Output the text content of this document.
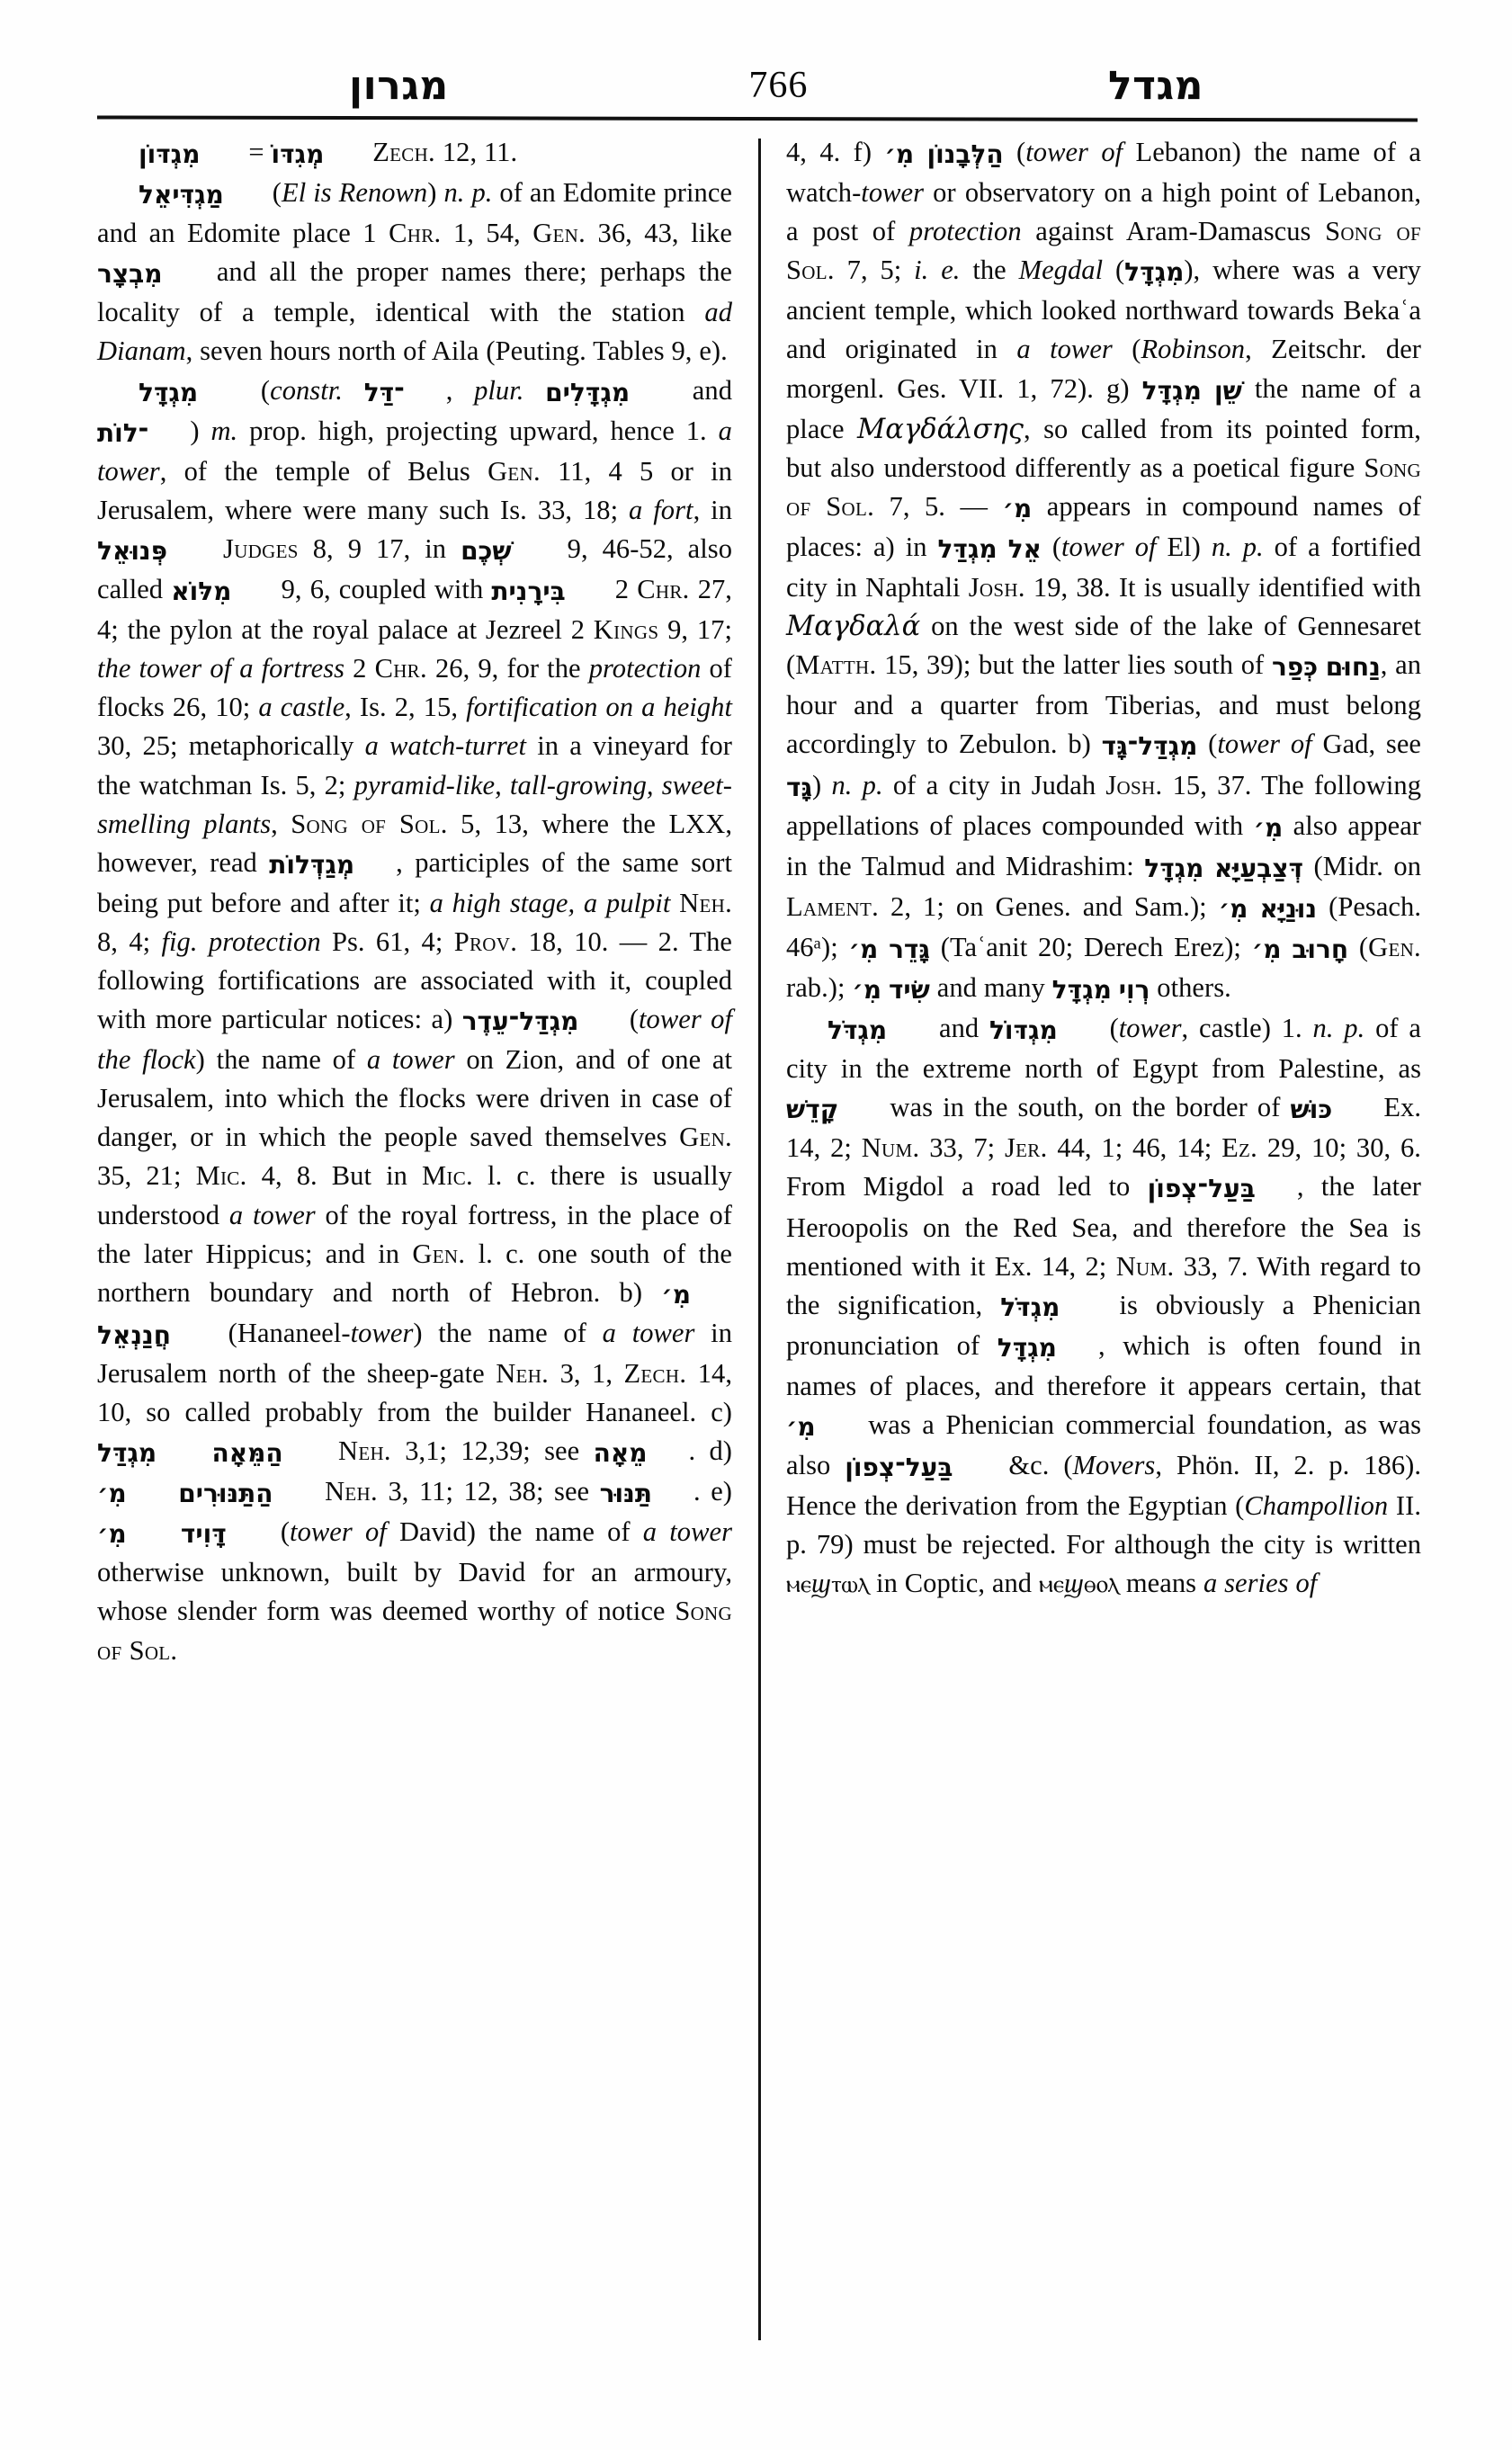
מגרון	766	מגדל

מִגְדּוֹן = מְגִדּוֹ Zech. 12, 11.

מַגְדִּיאֵל (El is Renown) n. p. of an Edomite prince and an Edomite place 1 Chr. 1, 54, Gen. 36, 43, like מִבְצָר and all the proper names there; perhaps the locality of a temple, identical with the station ad Dianam, seven hours north of Aila (Peuting. Tables 9, e).

מִגְדָּל (constr. ־דַּל , plur. מִגְדָּלִים and ־לוֹת ) m. prop. high, projecting upward, hence 1. a tower, of the temple of Belus Gen. 11, 4 5 or in Jerusalem, where were many such Is. 33, 18; a fort, in פְּנוּאֵל Judges 8, 9 17, in שְׁכֶם 9, 46-52, also called מִלּוֹא 9, 6, coupled with בִּירָנִית 2 Chr. 27, 4; the pylon at the royal palace at Jezreel 2 Kings 9, 17; the tower of a fortress 2 Chr. 26, 9, for the protection of flocks 26, 10; a castle, Is. 2, 15, fortification on a height 30, 25; metaphorically a watch-turret in a vineyard for the watchman Is. 5, 2; pyramid-like, tall-growing, sweet-smelling plants, Song of Sol. 5, 13, where the LXX, however, read מְגַדְּלוֹת , participles of the same sort being put before and after it; a high stage, a pulpit Neh. 8, 4; fig. protection Ps. 61, 4; Prov. 18, 10. — 2. The following fortifications are associated with it, coupled with more particular notices: a) מִגְדַּל־עֵדֶר (tower of the flock) the name of a tower on Zion, and of one at Jerusalem, into which the flocks were driven in case of danger, or in which the people saved themselves Gen. 35, 21; Mic. 4, 8. But in Mic. l. c. there is usually understood a tower of the royal fortress, in the place of the later Hippicus; and in Gen. l. c. one south of the northern boundary and north of Hebron. b) מִ׳ חֲנַנְאֵל (Hananeel-tower) the name of a tower in Jerusalem north of the sheep-gate Neh. 3, 1, Zech. 14, 10, so called probably from the builder Hananeel. c) מִגְדַּל הַמֵּאָה Neh. 3,1; 12,39; see מֵאָה . d) מִ׳ הַתַּנּוּרִים Neh. 3, 11; 12, 38; see תַּנּוּר . e) מִ׳ דָּוִיד (tower of David) the name of a tower otherwise unknown, built by David for an armoury, whose slender form was deemed worthy of notice Song of Sol.

4, 4. f) מִ׳ הַלְּבָנוֹן (tower of Lebanon) the name of a watch-tower or observatory on a high point of Lebanon, a post of protection against Aram-Damascus Song of Sol. 7, 5; i. e. the Megdal (מִגְדָּל), where was a very ancient temple, which looked northward towards Bekaʿa and originated in a tower (Robinson, Zeitschr. der morgenl. Ges. VII. 1, 72). g) מִגְדָּל שֵׁן the name of a place Μαγδάλσης, so called from its pointed form, but also understood differently as a poetical figure Song of Sol. 7, 5. — מִ׳ appears in compound names of places: a) in מִגְדַּל אֵל (tower of El) n. p. of a fortified city in Naphtali Josh. 19, 38. It is usually identified with Μαγδαλά on the west side of the lake of Gennesaret (Matth. 15, 39); but the latter lies south of כְּפַר נַחוּם, an hour and a quarter from Tiberias, and must belong accordingly to Zebulon. b) מִגְדַּל־גָּד (tower of Gad, see גָּד) n. p. of a city in Judah Josh. 15, 37. The following appellations of places compounded with מִ׳ also appear in the Talmud and Midrashim: מִגְדָּל דְּצַבְעַיָּא (Midr. on Lament. 2, 1; on Genes. and Sam.); מִ׳ נוּנַיָּא (Pesach. 46ᵃ); מִ׳ גָּדֵר (Taʿanit 20; Derech Erez); מִ׳ חָרוּב (Gen. rab.); מִ׳ שִׂיד and many מִגְדָּל רְוִי others.

מִגְדֹּל and מִגְדּוֹל (tower, castle) 1. n. p. of a city in the extreme north of Egypt from Palestine, as קָדֵשׁ was in the south, on the border of כּוּשׁ Ex. 14, 2; Num. 33, 7; Jer. 44, 1; 46, 14; Ez. 29, 10; 30, 6. From Migdol a road led to בַּעַל־צְפוֹן , the later Heroopolis on the Red Sea, and therefore the Sea is mentioned with it Ex. 14, 2; Num. 33, 7. With regard to the signification, מִגְדֹּל is obviously a Phenician pronunciation of מִגְדָּל , which is often found in names of places, and therefore it appears certain, that מִ׳ was a Phenician commercial foundation, as was also בַּעַל־צְפוֹן &c. (Movers, Phön. II, 2. p. 186). Hence the derivation from the Egyptian (Champollion II. p. 79) must be rejected. For although the city is written ⲙⲉϣⲧⲱⲗ in Coptic, and ⲙⲉϣⲑⲟⲗ means a series of
